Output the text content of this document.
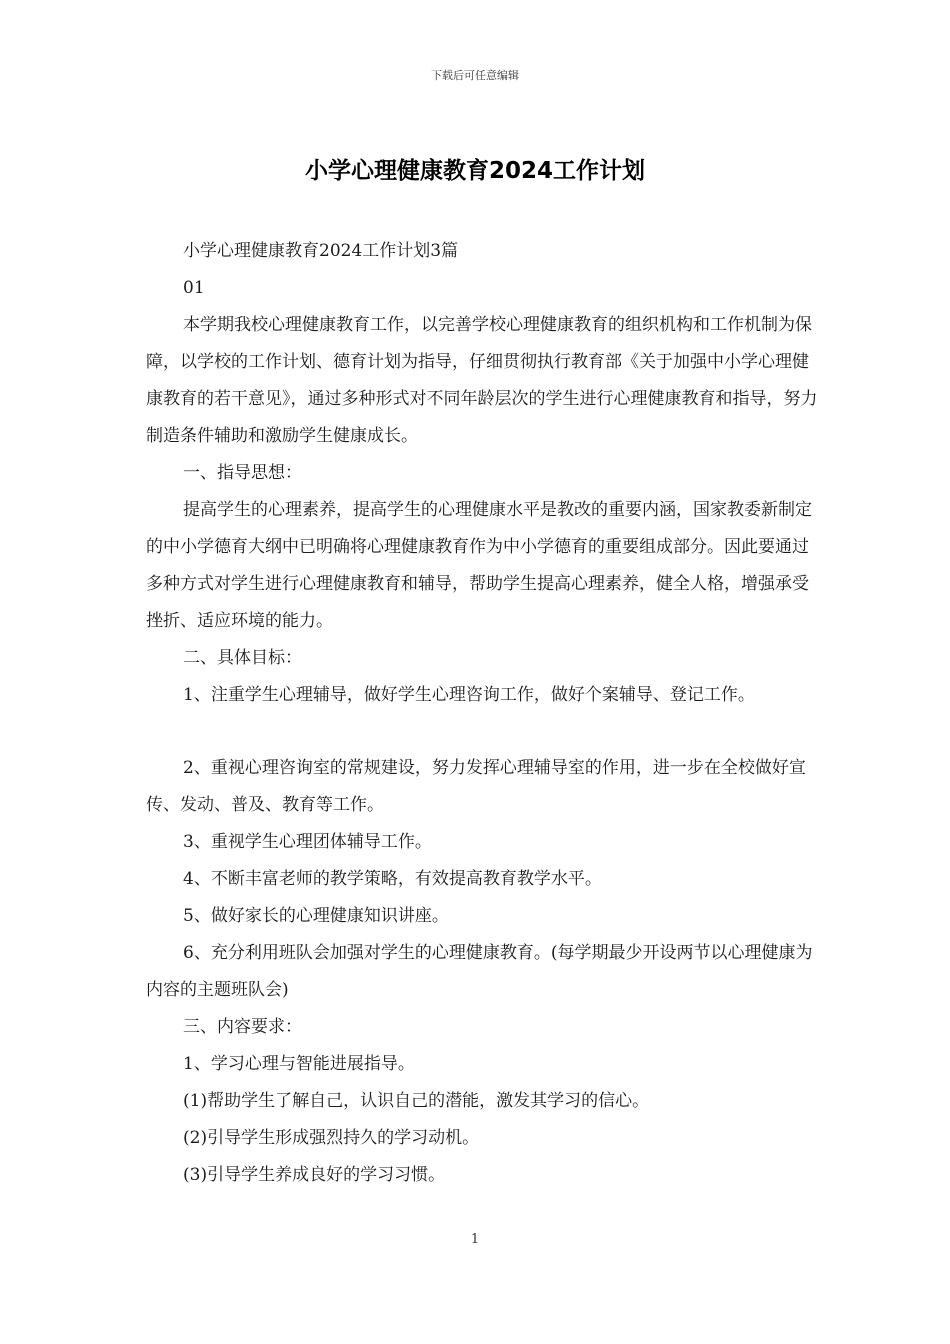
下载后可任意编辑
小学心理健康教育2024工作计划

小学心理健康教育2024工作计划3篇

01

本学期我校心理健康教育工作，以完善学校心理健康教育的组织机构和工作机制为保障，以学校的工作计划、德育计划为指导，仔细贯彻执行教育部《关于加强中小学心理健康教育的若干意见》，通过多种形式对不同年龄层次的学生进行心理健康教育和指导，努力制造条件辅助和激励学生健康成长。

一、指导思想：

提高学生的心理素养，提高学生的心理健康水平是教改的重要内涵，国家教委新制定的中小学德育大纲中已明确将心理健康教育作为中小学德育的重要组成部分。因此要通过多种方式对学生进行心理健康教育和辅导，帮助学生提高心理素养，健全人格，增强承受挫折、适应环境的能力。

二、具体目标：

1、注重学生心理辅导，做好学生心理咨询工作，做好个案辅导、登记工作。

2、重视心理咨询室的常规建设，努力发挥心理辅导室的作用，进一步在全校做好宣传、发动、普及、教育等工作。

3、重视学生心理团体辅导工作。

4、不断丰富老师的教学策略，有效提高教育教学水平。

5、做好家长的心理健康知识讲座。

6、充分利用班队会加强对学生的心理健康教育。(每学期最少开设两节以心理健康为内容的主题班队会)

三、内容要求：

1、学习心理与智能进展指导。

(1)帮助学生了解自己，认识自己的潜能，激发其学习的信心。

(2)引导学生形成强烈持久的学习动机。

(3)引导学生养成良好的学习习惯。

1
